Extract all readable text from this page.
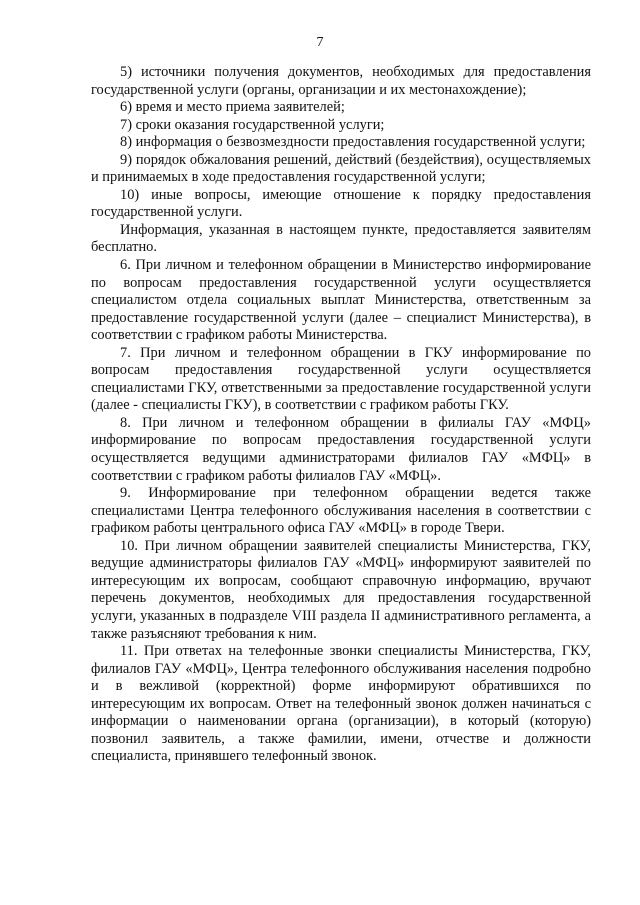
7

5) источники получения документов, необходимых для предоставления государственной услуги (органы, организации и их местонахождение);

6) время и место приема заявителей;

7) сроки оказания государственной услуги;

8) информация о безвозмездности предоставления государственной услуги;

9) порядок обжалования решений, действий (бездействия), осуществляемых и принимаемых в ходе предоставления государственной услуги;

10) иные вопросы, имеющие отношение к порядку предоставления государственной услуги.

Информация, указанная в настоящем пункте, предоставляется заявителям бесплатно.

6. При личном и телефонном обращении в Министерство информирование по вопросам предоставления государственной услуги осуществляется специалистом отдела социальных выплат Министерства, ответственным за предоставление государственной услуги (далее – специалист Министерства), в соответствии с графиком работы Министерства.

7. При личном и телефонном обращении в ГКУ информирование по вопросам предоставления государственной услуги осуществляется специалистами ГКУ, ответственными за предоставление государственной услуги (далее - специалисты ГКУ), в соответствии с графиком работы ГКУ.

8. При личном и телефонном обращении в филиалы ГАУ «МФЦ» информирование по вопросам предоставления государственной услуги осуществляется ведущими администраторами филиалов ГАУ «МФЦ» в соответствии с графиком работы филиалов ГАУ «МФЦ».

9. Информирование при телефонном обращении ведется также специалистами Центра телефонного обслуживания населения в соответствии с графиком работы центрального офиса ГАУ «МФЦ» в городе Твери.

10. При личном обращении заявителей специалисты Министерства, ГКУ, ведущие администраторы филиалов ГАУ «МФЦ» информируют заявителей по интересующим их вопросам, сообщают справочную информацию, вручают перечень документов, необходимых для предоставления государственной услуги, указанных в подразделе VIII раздела II административного регламента, а также разъясняют требования к ним.

11. При ответах на телефонные звонки специалисты Министерства, ГКУ, филиалов ГАУ «МФЦ», Центра телефонного обслуживания населения подробно и в вежливой (корректной) форме информируют обратившихся по интересующим их вопросам. Ответ на телефонный звонок должен начинаться с информации о наименовании органа (организации), в который (которую) позвонил заявитель, а также фамилии, имени, отчестве и должности специалиста, принявшего телефонный звонок.
